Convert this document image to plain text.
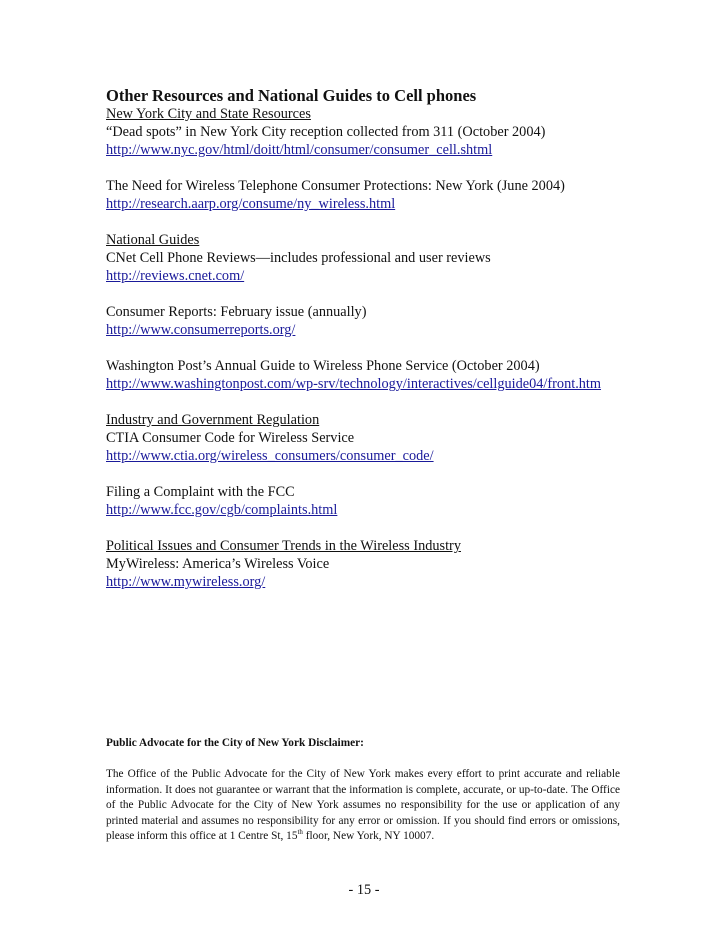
Other Resources and National Guides to Cell phones
New York City and State Resources
“Dead spots” in New York City reception collected from 311 (October 2004)
http://www.nyc.gov/html/doitt/html/consumer/consumer_cell.shtml
The Need for Wireless Telephone Consumer Protections: New York (June 2004)
http://research.aarp.org/consume/ny_wireless.html
National Guides
CNet Cell Phone Reviews—includes professional and user reviews
http://reviews.cnet.com/
Consumer Reports: February issue (annually)
http://www.consumerreports.org/
Washington Post’s Annual Guide to Wireless Phone Service (October 2004)
http://www.washingtonpost.com/wp-srv/technology/interactives/cellguide04/front.htm
Industry and Government Regulation
CTIA Consumer Code for Wireless Service
http://www.ctia.org/wireless_consumers/consumer_code/
Filing a Complaint with the FCC
http://www.fcc.gov/cgb/complaints.html
Political Issues and Consumer Trends in the Wireless Industry
MyWireless: America’s Wireless Voice
http://www.mywireless.org/
Public Advocate for the City of New York Disclaimer:

The Office of the Public Advocate for the City of New York makes every effort to print accurate and reliable information. It does not guarantee or warrant that the information is complete, accurate, or up-to-date. The Office of the Public Advocate for the City of New York assumes no responsibility for the use or application of any printed material and assumes no responsibility for any error or omission. If you should find errors or omissions, please inform this office at 1 Centre St, 15th floor, New York, NY 10007.

- 15 -
